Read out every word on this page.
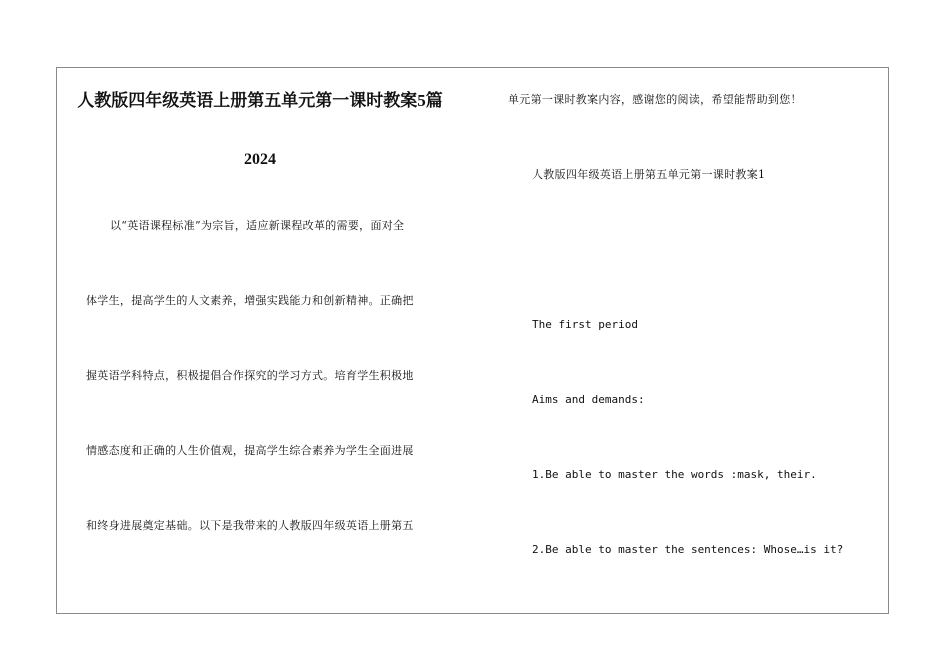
人教版四年级英语上册第五单元第一课时教案5篇
2024
以“英语课程标准”为宗旨，适应新课程改革的需要，面对全
体学生，提高学生的人文素养，增强实践能力和创新精神。正确把
握英语学科特点，积极提倡合作探究的学习方式。培育学生积极地
情感态度和正确的人生价值观，提高学生综合素养为学生全面进展
和终身进展奠定基础。以下是我带来的人教版四年级英语上册第五
单元第一课时教案内容，感谢您的阅读，希望能帮助到您！
人教版四年级英语上册第五单元第一课时教案1
The first period
Aims and demands:
1.Be able to master the words :mask, their.
2.Be able to master the sentences: Whose…is it?
